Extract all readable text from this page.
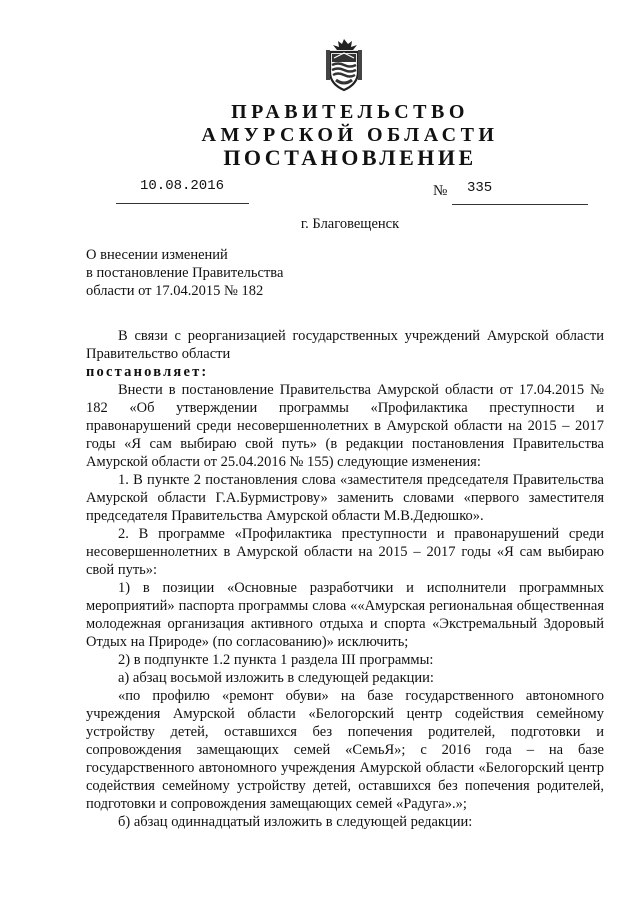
ПРАВИТЕЛЬСТВО
АМУРСКОЙ ОБЛАСТИ
ПОСТАНОВЛЕНИЕ
10.08.2016	№ 335
г. Благовещенск
О внесении изменений
в постановление Правительства
области от 17.04.2015 № 182

В связи с реорганизацией государственных учреждений Амурской области Правительство области

постановляет:

Внести в постановление Правительства Амурской области от 17.04.2015 № 182 «Об утверждении программы «Профилактика преступности и правонарушений среди несовершеннолетних в Амурской области на 2015 – 2017 годы «Я сам выбираю свой путь» (в редакции постановления Правительства Амурской области от 25.04.2016 № 155) следующие изменения:

1. В пункте 2 постановления слова «заместителя председателя Правительства Амурской области Г.А.Бурмистрову» заменить словами «первого заместителя председателя Правительства Амурской области М.В.Дедюшко».

2. В программе «Профилактика преступности и правонарушений среди несовершеннолетних в Амурской области на 2015 – 2017 годы «Я сам выбираю свой путь»:

1) в позиции «Основные разработчики и исполнители программных мероприятий» паспорта программы слова ««Амурская региональная общественная молодежная организация активного отдыха и спорта «Экстремальный Здоровый Отдых на Природе» (по согласованию)» исключить;

2) в подпункте 1.2 пункта 1 раздела III программы:

а) абзац восьмой изложить в следующей редакции:

«по профилю «ремонт обуви» на базе государственного автономного учреждения Амурской области «Белогорский центр содействия семейному устройству детей, оставшихся без попечения родителей, подготовки и сопровождения замещающих семей «СемьЯ»; с 2016 года – на базе государственного автономного учреждения Амурской области «Белогорский центр содействия семейному устройству детей, оставшихся без попечения родителей, подготовки и сопровождения замещающих семей «Радуга».»;

б) абзац одиннадцатый изложить в следующей редакции:
